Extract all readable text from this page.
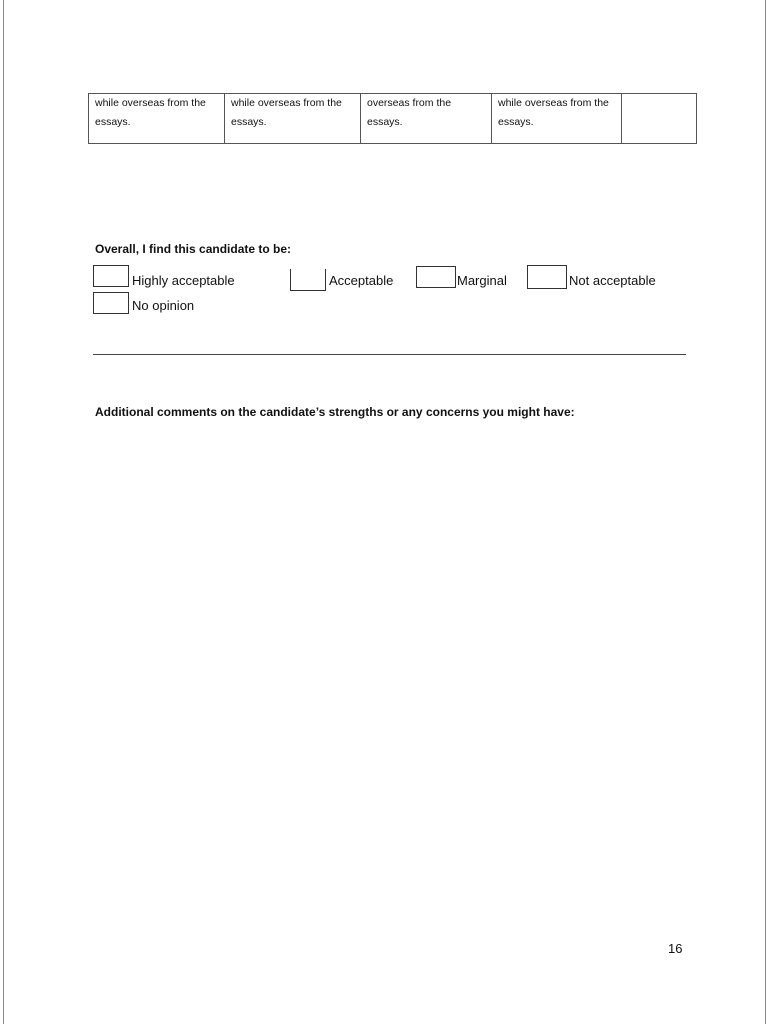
while overseas from the essays.	while overseas from the essays.	overseas from the essays.	while overseas from the essays.	
Overall, I find this candidate to be:
Highly acceptable	Acceptable	Marginal	Not acceptable
No opinion
Additional comments on the candidate’s strengths or any concerns you might have:
16
